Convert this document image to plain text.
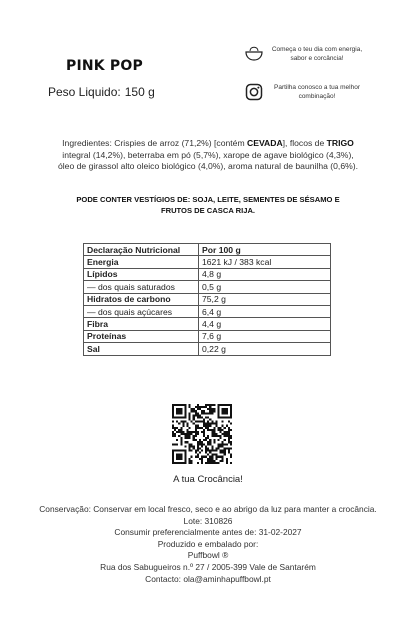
PINK POP
Peso Liquido: 150 g
Começa o teu dia com energia, sabor e corcância!
Partilha conosco a tua melhor combinação!
Ingredientes: Crispies de arroz (71,2%) [contém CEVADA], flocos de TRIGO integral (14,2%), beterraba em pó (5,7%), xarope de agave biológico (4,3%), óleo de girassol alto oleico biológico (4,0%), aroma natural de baunilha (0,6%).
PODE CONTER VESTÍGIOS DE: SOJA, LEITE, SEMENTES DE SÉSAMO E FRUTOS DE CASCA RIJA.
Declaração Nutricional	Por 100 g
Energia	1621 kJ / 383 kcal
Lípidos	4,8 g
— dos quais saturados	0,5 g
Hidratos de carbono	75,2 g
— dos quais açúcares	6,4 g
Fibra	4,4 g
Proteínas	7,6 g
Sal	0,22 g
A tua Crocância!
Conservação: Conservar em local fresco, seco e ao abrigo da luz para manter a crocância.
Lote: 310826
Consumir preferencialmente antes de: 31-02-2027
Produzido e embalado por:
Puffbowl ®
Rua dos Sabugueiros n.º 27 / 2005-399 Vale de Santarém
Contacto: ola@aminhapuffbowl.pt
